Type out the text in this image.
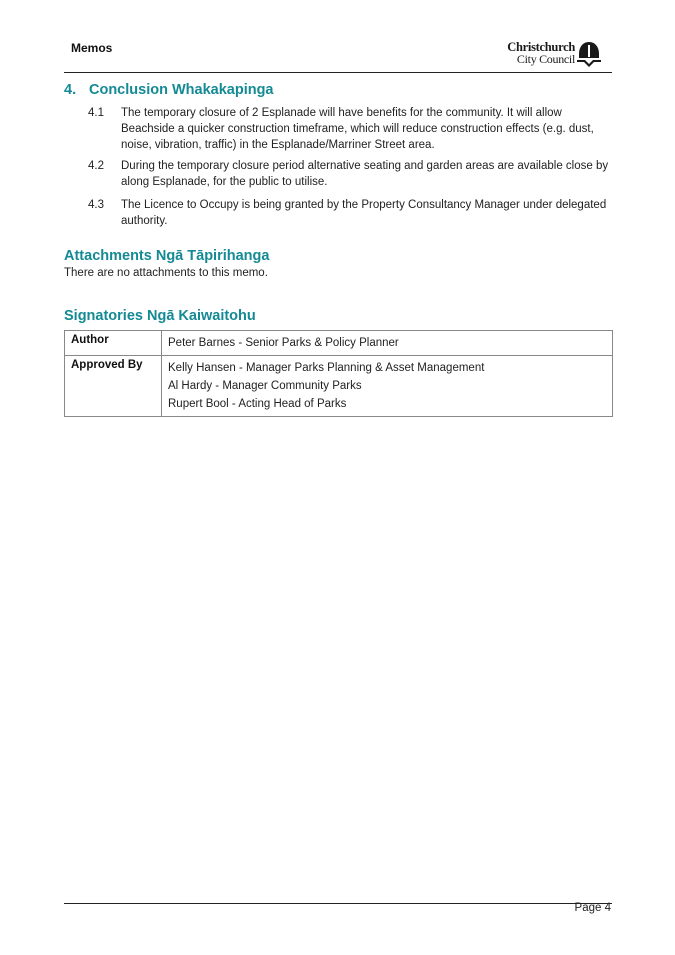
Memos	Christchurch
City Council
4. Conclusion Whakakapinga
4.1	The temporary closure of 2 Esplanade will have benefits for the community. It will allow Beachside a quicker construction timeframe, which will reduce construction effects (e.g. dust, noise, vibration, traffic) in the Esplanade/Marriner Street area.
4.2	During the temporary closure period alternative seating and garden areas are available close by along Esplanade, for the public to utilise.
4.3	The Licence to Occupy is being granted by the Property Consultancy Manager under delegated authority.
Attachments Ngā Tāpirihanga
There are no attachments to this memo.
Signatories Ngā Kaiwaitohu
Author	Peter Barnes - Senior Parks & Policy Planner

Approved By	Kelly Hansen - Manager Parks Planning & Asset Management
Al Hardy - Manager Community Parks
Rupert Bool - Acting Head of Parks
Page 4
